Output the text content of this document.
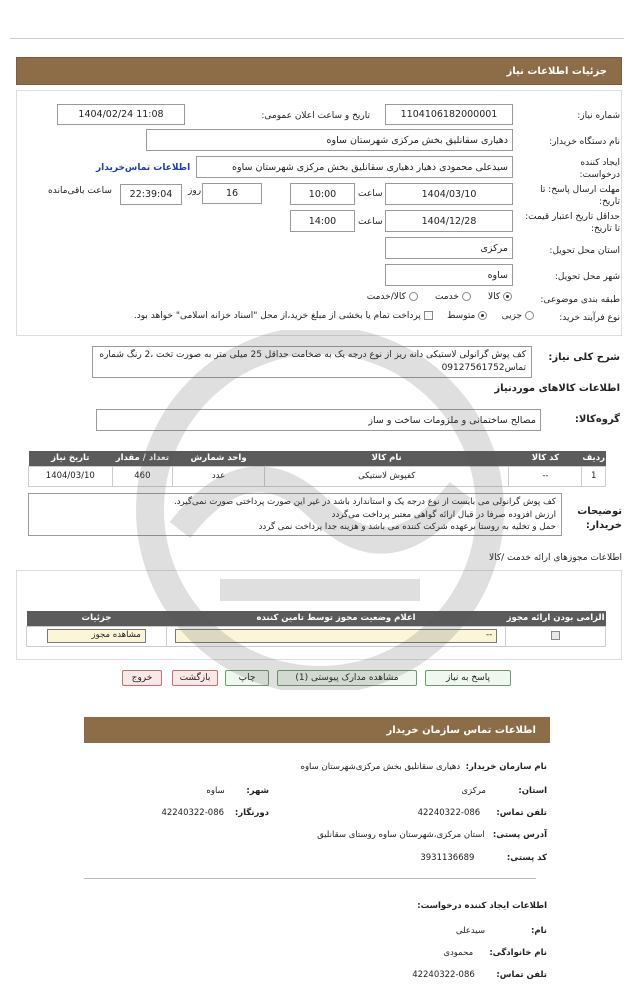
جزئیات اطلاعات نیاز
شماره نیاز:
1104106182000001
تاریخ و ساعت اعلان عمومی:
1404/02/24 11:08
نام دستگاه خریدار:
دهیاری سقانلیق بخش مرکزی شهرستان ساوه
ایجاد کننده درخواست:
سیدعلی محمودی دهیار دهیاری سقانلیق بخش مرکزی شهرستان ساوه
اطلاعات تماس‌خریدار
مهلت ارسال پاسخ: تا تاریخ:
1404/03/10
ساعت
10:00
16
روز
22:39:04
ساعت باقی‌مانده
حداقل تاریخ اعتبار قیمت: تا تاریخ:
1404/12/28
ساعت
14:00
استان محل تحویل:
مرکزی
شهر محل تحویل:
ساوه
طبقه بندی موضوعی:
کالا       خدمت       کالا/خدمت
نوع فرآیند خرید:
جزیی      متوسط      پرداخت تمام یا بخشی از مبلغ خرید،از محل "اسناد خزانه اسلامی" خواهد بود.
شرح کلی نیاز:
کف پوش گرانولی لاستیکی دانه ریز از نوع درجه یک به ضخامت حداقل 25 میلی متر به صورت تخت ،2 رنگ شماره تماس09127561752
اطلاعات کالاهای موردنیاز
گروه‌کالا:
مصالح ساختمانی و ملزومات ساخت و ساز
ردیف	کد کالا	نام کالا	واحد شمارش	تعداد / مقدار	تاریخ نیاز
1	--	کفپوش لاستیکی	عدد	460	1404/03/10
توضیحات خریدار:
کف پوش گرانولی می بایست از نوع درجه یک و استاندارد باشد در غیر این صورت پرداختی صورت نمی‌گیرد.
ارزش افزوده صرفا در قبال ارائه گواهی معتبر پرداخت می‌گردد
حمل و تخلیه به روستا برعهده شرکت کننده می باشد و هزینه جدا پرداخت نمی گردد
اطلاعات مجوزهای ارائه خدمت /کالا
الزامی بودن ارائه مجوز	اعلام وضعیت مجوز توسط تامین کننده	جزئیات

	--	مشاهده مجوز
پاسخ به نیاز
مشاهده مدارک پیوستی (1)
چاپ
بازگشت
خروج
اطلاعات تماس سازمان خریدار
نام سازمان خریدار:  دهیاری سقانلیق بخش مرکزی‌شهرستان ساوه
استان:            مرکزی
شهر:        ساوه
تلفن تماس:      086-42240322
دورنگار:    086-42240322
آدرس پستی:   استان مرکزی،شهرستان ساوه روستای سقانلیق
کد پستی:            3931136689
اطلاعات ایجاد کننده درخواست:
نام:                 سیدعلی
نام خانوادگی:      محمودی
تلفن تماس:        086-42240322
